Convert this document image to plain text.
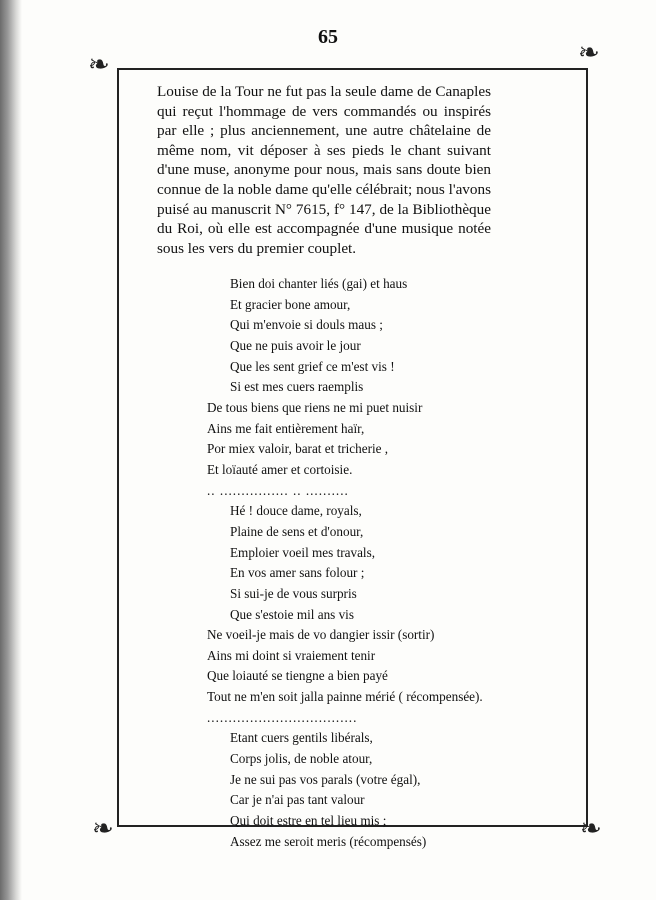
65
❧	❧
❧	❧
Louise de la Tour ne fut pas la seule dame de Canaples qui reçut l'hommage de vers commandés ou inspirés par elle ; plus anciennement, une autre châtelaine de même nom, vit déposer à ses pieds le chant suivant d'une muse, anonyme pour nous, mais sans doute bien connue de la noble dame qu'elle célébrait; nous l'avons puisé au manuscrit N° 7615, f° 147, de la Bibliothèque du Roi, où elle est accompagnée d'une musique notée sous les vers du premier couplet.
Bien doi chanter liés (gai) et haus
Et gracier bone amour,
Qui m'envoie si douls maus ;
Que ne puis avoir le jour
Que les sent grief ce m'est vis !
Si est mes cuers raemplis
De tous biens que riens ne mi puet nuisir
Ains me fait entièrement haïr,
Por miex valoir, barat et tricherie ,
Et loïauté amer et cortoisie.
.. ................ .. ..........
Hé ! douce dame, royals,
Plaine de sens et d'onour,
Emploier voeil mes travals,
En vos amer sans folour ;
Si sui-je de vous surpris
Que s'estoie mil ans vis
Ne voeil-je mais de vo dangier issir (sortir)
Ains mi doint si vraiement tenir
Que loiauté se tiengne a bien payé
Tout ne m'en soit jalla painne mérié ( récompensée).
...................................
Etant cuers gentils libérals,
Corps jolis, de noble atour,
Je ne sui pas vos parals (votre égal),
Car je n'ai pas tant valour
Qui doit estre en tel lieu mis ;
Assez me seroit meris (récompensés)
